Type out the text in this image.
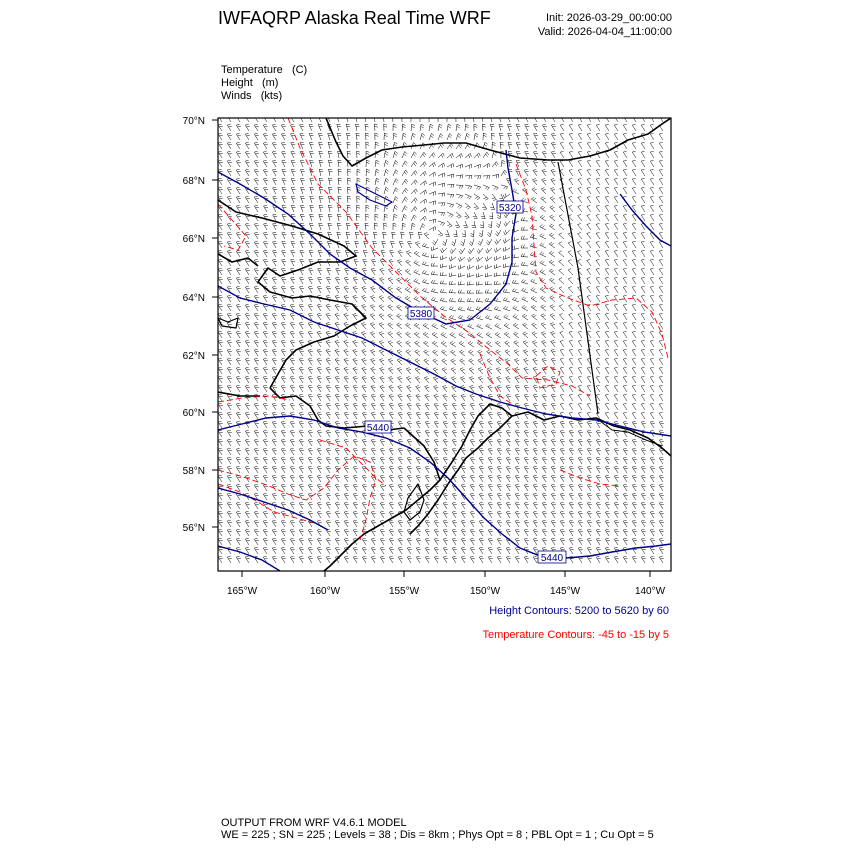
IWFAQRP Alaska Real Time WRF	Init: 2026-03-29_00:00:00
Valid: 2026-04-04_11:00:00
Temperature (C)
Height (m)
Winds (kts)
5320
5380
5440
5440
70°N
68°N
66°N
64°N
62°N
60°N
58°N
56°N
165°W	160°W	155°W	150°W	145°W	140°W
Height Contours: 5200 to 5620 by 60
Temperature Contours: -45 to -15 by 5
OUTPUT FROM WRF V4.6.1 MODEL
WE = 225 ; SN = 225 ; Levels = 38 ; Dis = 8km ; Phys Opt = 8 ; PBL Opt = 1 ; Cu Opt = 5
